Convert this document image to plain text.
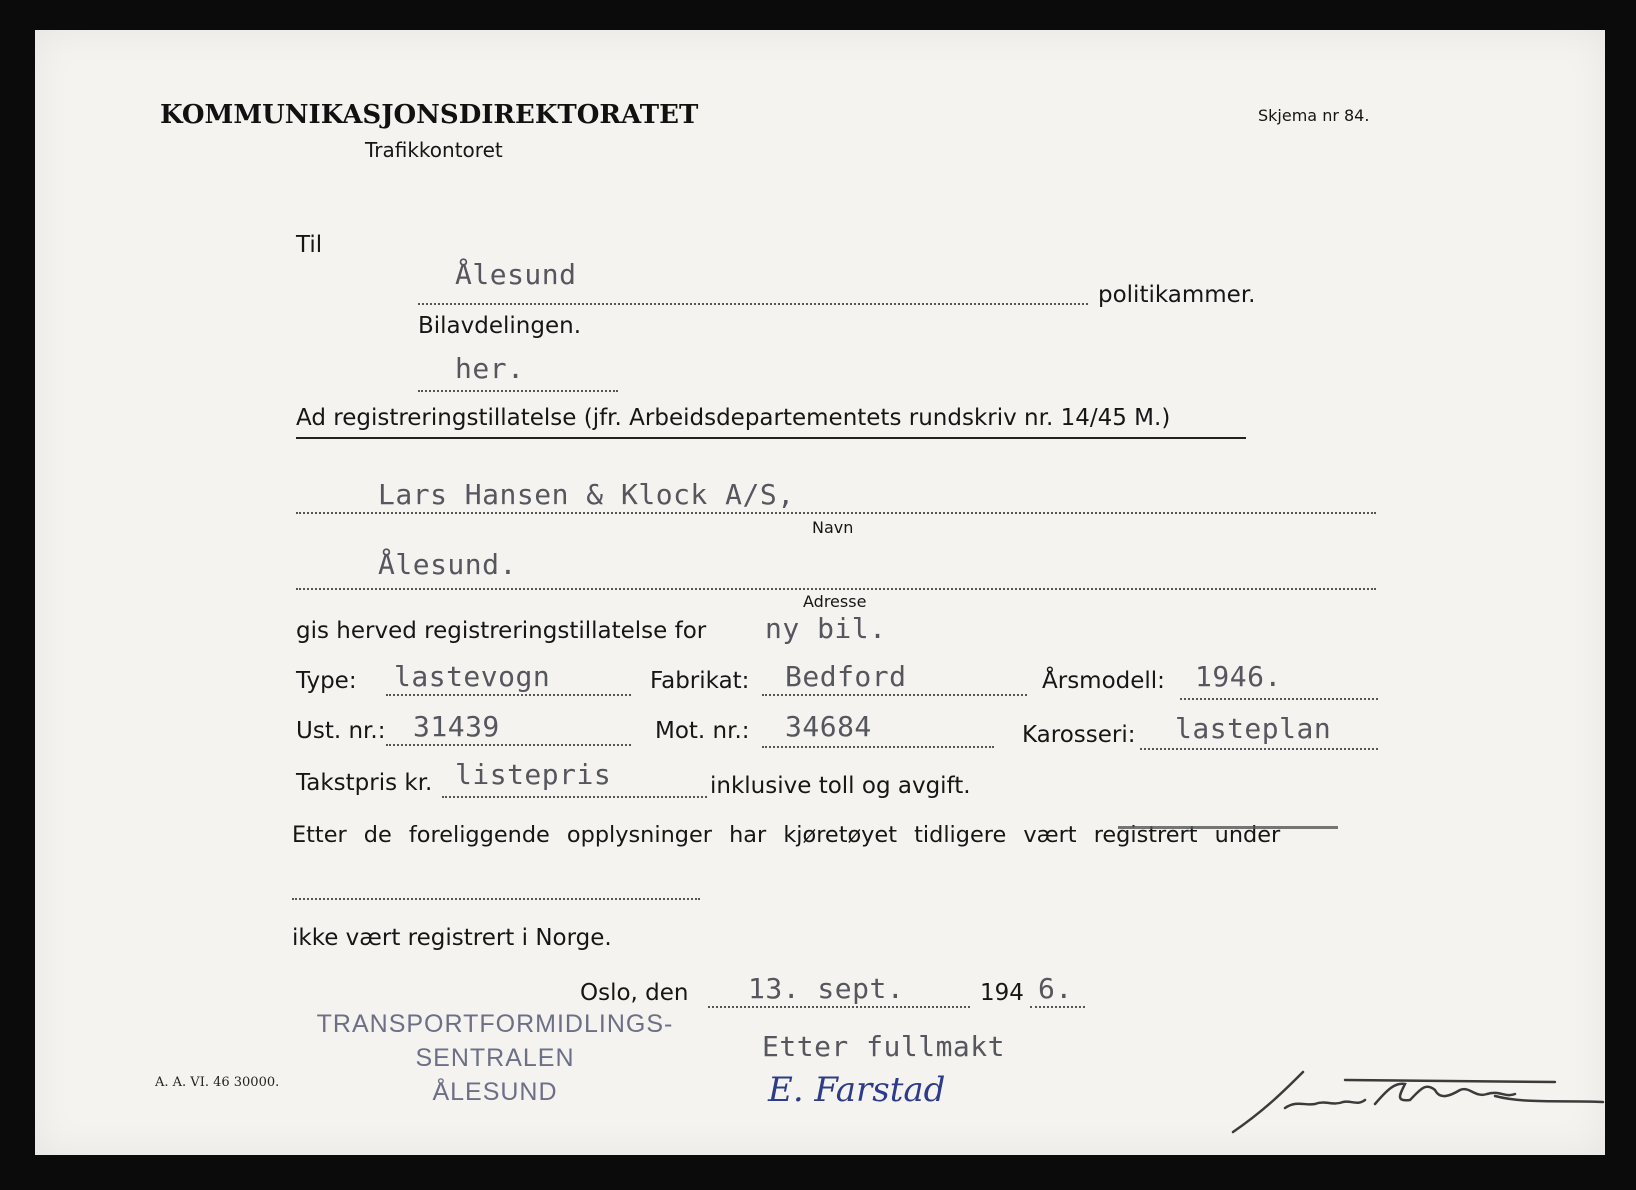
KOMMUNIKASJONSDIREKTORATET
Trafikkontoret
Skjema nr 84.
Til
Ålesund
politikammer.
Bilavdelingen.
her.
Ad registreringstillatelse (jfr. Arbeidsdepartementets rundskriv nr. 14/45 M.)
Lars Hansen & Klock A/S,
Navn
Ålesund.
Adresse
gis herved registreringstillatelse for ny bil.
Type: lastevogn	Fabrikat: Bedford	Årsmodell: 1946.
Ust. nr.: 31439	Mot. nr.: 34684	Karosseri: lasteplan
Takstpris kr. listepris	inklusive toll og avgift.
Etter de foreliggende opplysninger har kjøretøyet tidligere vært registrert under
ikke vært registrert i Norge.
Oslo, den 13. sept.	194 6.
TRANSPORTFORMIDLINGS-
SENTRALEN
ÅLESUND
Etter fullmakt
E. Farstad
A. A. VI. 46 30000.
